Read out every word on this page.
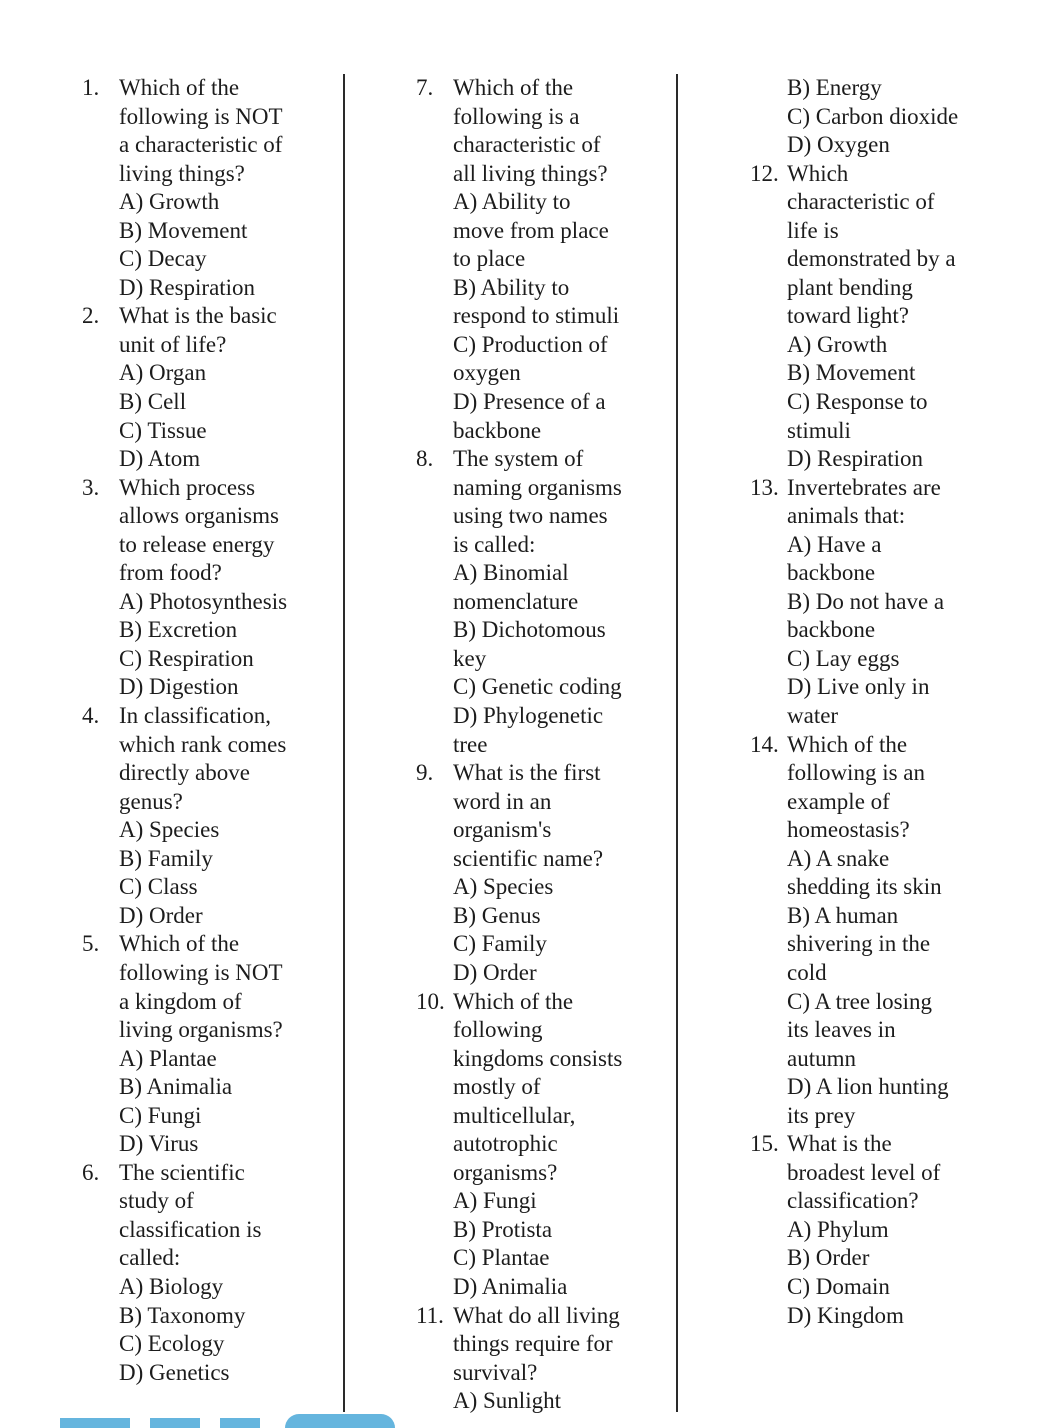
1. Which of the
following is NOT
a characteristic of
living things?
A) Growth
B) Movement
C) Decay
D) Respiration
2. What is the basic
unit of life?
A) Organ
B) Cell
C) Tissue
D) Atom
3. Which process
allows organisms
to release energy
from food?
A) Photosynthesis
B) Excretion
C) Respiration
D) Digestion
4. In classification,
which rank comes
directly above
genus?
A) Species
B) Family
C) Class
D) Order
5. Which of the
following is NOT
a kingdom of
living organisms?
A) Plantae
B) Animalia
C) Fungi
D) Virus
6. The scientific
study of
classification is
called:
A) Biology
B) Taxonomy
C) Ecology
D) Genetics
7. Which of the
following is a
characteristic of
all living things?
A) Ability to
move from place
to place
B) Ability to
respond to stimuli
C) Production of
oxygen
D) Presence of a
backbone
8. The system of
naming organisms
using two names
is called:
A) Binomial
nomenclature
B) Dichotomous
key
C) Genetic coding
D) Phylogenetic
tree
9. What is the first
word in an
organism's
scientific name?
A) Species
B) Genus
C) Family
D) Order
10. Which of the
following
kingdoms consists
mostly of
multicellular,
autotrophic
organisms?
A) Fungi
B) Protista
C) Plantae
D) Animalia
11. What do all living
things require for
survival?
A) Sunlight
B) Energy
C) Carbon dioxide
D) Oxygen
12. Which
characteristic of
life is
demonstrated by a
plant bending
toward light?
A) Growth
B) Movement
C) Response to
stimuli
D) Respiration
13. Invertebrates are
animals that:
A) Have a
backbone
B) Do not have a
backbone
C) Lay eggs
D) Live only in
water
14. Which of the
following is an
example of
homeostasis?
A) A snake
shedding its skin
B) A human
shivering in the
cold
C) A tree losing
its leaves in
autumn
D) A lion hunting
its prey
15. What is the
broadest level of
classification?
A) Phylum
B) Order
C) Domain
D) Kingdom
